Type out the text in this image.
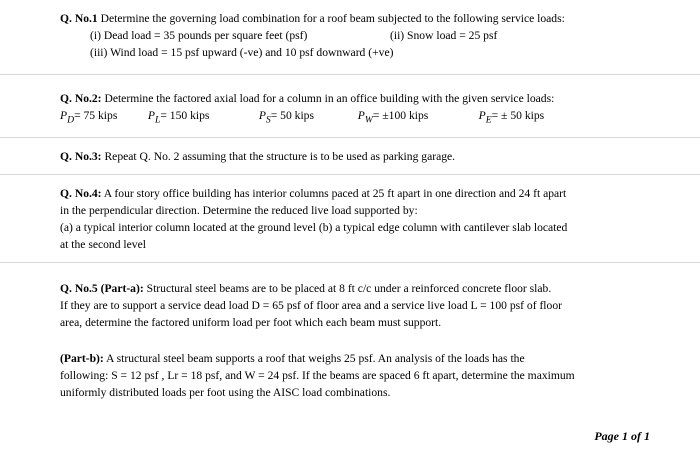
Q. No.1 Determine the governing load combination for a roof beam subjected to the following service loads:
(i) Dead load = 35 pounds per square feet (psf)	(ii) Snow load = 25 psf
(iii) Wind load = 15 psf upward (-ve) and 10 psf downward (+ve)
Q. No.2: Determine the factored axial load for a column in an office building with the given service loads:
$P_D= 75$ kips	$P_L= 150$ kips	$P_S= 50$ kips	$P_W= \pm 100$ kips	$P_E= \pm 50$ kips
Q. No.3: Repeat Q. No. 2 assuming that the structure is to be used as parking garage.
Q. No.4: A four story office building has interior columns paced at 25 ft apart in one direction and 24 ft apart
in the perpendicular direction. Determine the reduced live load supported by:
(a) a typical interior column located at the ground level (b) a typical edge column with cantilever slab located
at the second level
Q. No.5 (Part-a): Structural steel beams are to be placed at 8 ft c/c under a reinforced concrete floor slab.
If they are to support a service dead load D = 65 psf of floor area and a service live load L = 100 psf of floor
area, determine the factored uniform load per foot which each beam must support.
(Part-b): A structural steel beam supports a roof that weighs 25 psf. An analysis of the loads has the
following: S = 12 psf , Lr = 18 psf, and W = 24 psf. If the beams are spaced 6 ft apart, determine the maximum
uniformly distributed loads per foot using the AISC load combinations.
Page 1 of 1
